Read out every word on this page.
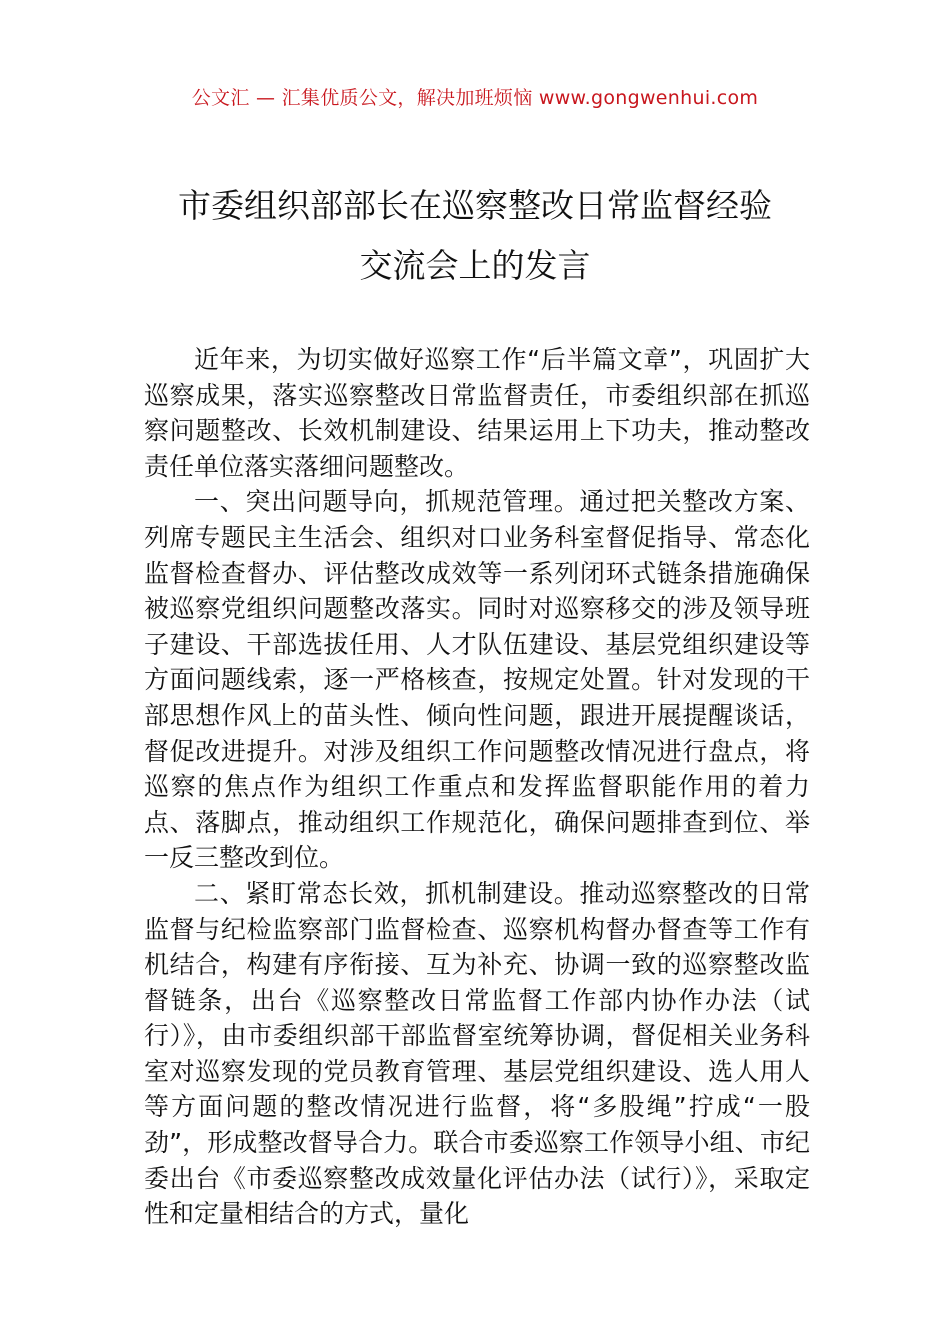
公文汇 — 汇集优质公文，解决加班烦恼 www.gongwenhui.com
市委组织部部长在巡察整改日常监督经验
交流会上的发言

近年来，为切实做好巡察工作“后半篇文章”，巩固扩大巡察成果，落实巡察整改日常监督责任，市委组织部在抓巡察问题整改、长效机制建设、结果运用上下功夫，推动整改责任单位落实落细问题整改。

一、突出问题导向，抓规范管理。通过把关整改方案、列席专题民主生活会、组织对口业务科室督促指导、常态化监督检查督办、评估整改成效等一系列闭环式链条措施确保被巡察党组织问题整改落实。同时对巡察移交的涉及领导班子建设、干部选拔任用、人才队伍建设、基层党组织建设等方面问题线索，逐一严格核查，按规定处置。针对发现的干部思想作风上的苗头性、倾向性问题，跟进开展提醒谈话，督促改进提升。对涉及组织工作问题整改情况进行盘点，将巡察的焦点作为组织工作重点和发挥监督职能作用的着力点、落脚点，推动组织工作规范化，确保问题排查到位、举一反三整改到位。

二、紧盯常态长效，抓机制建设。推动巡察整改的日常监督与纪检监察部门监督检查、巡察机构督办督查等工作有机结合，构建有序衔接、互为补充、协调一致的巡察整改监督链条，出台《巡察整改日常监督工作部内协作办法（试行）》，由市委组织部干部监督室统筹协调，督促相关业务科室对巡察发现的党员教育管理、基层党组织建设、选人用人等方面问题的整改情况进行监督，将“多股绳”拧成“一股劲”，形成整改督导合力。联合市委巡察工作领导小组、市纪委出台《市委巡察整改成效量化评估办法（试行）》，采取定性和定量相结合的方式，量化
